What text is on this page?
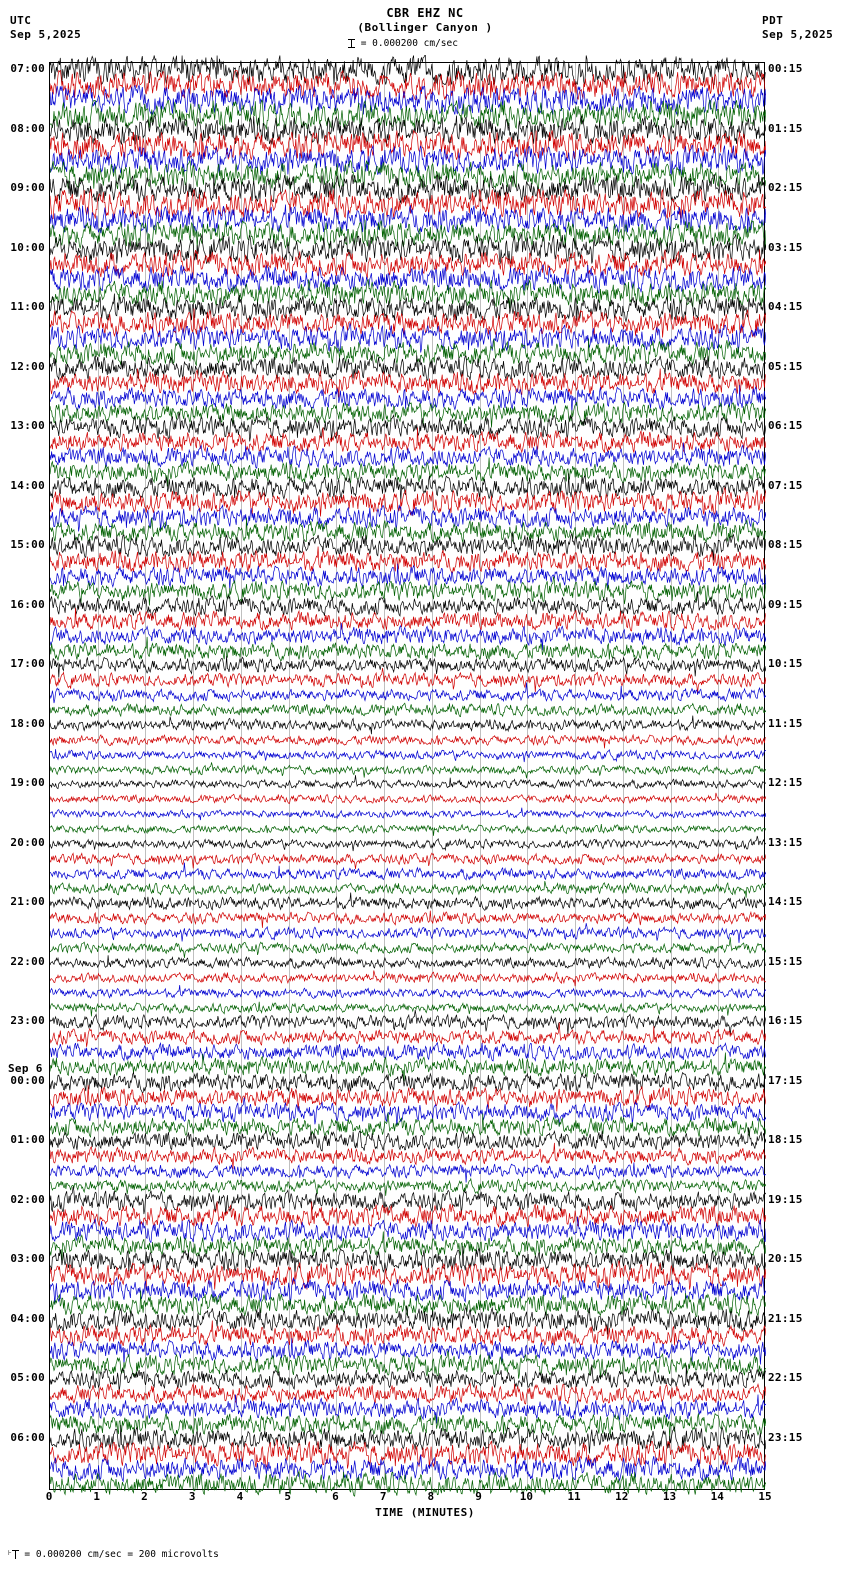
UTC
Sep 5,2025
CBR EHZ NC
(Bollinger Canyon )
PDT
Sep 5,2025
= 0.000200 cm/sec
0	1	2	3	4	5	6	7	8	9	10	11	12	13	14	15
TIME (MINUTES)
⊦ = 0.000200 cm/sec = 200 microvolts
07:00	00:15
08:00	01:15
09:00	02:15
10:00	03:15
11:00	04:15
12:00	05:15
13:00	06:15
14:00	07:15
15:00	08:15
16:00	09:15
17:00	10:15
18:00	11:15
19:00	12:15
20:00	13:15
21:00	14:15
22:00	15:15
23:00	16:15
00:00	17:15
Sep 6
01:00	18:15
02:00	19:15
03:00	20:15
04:00	21:15
05:00	22:15
06:00	23:15
